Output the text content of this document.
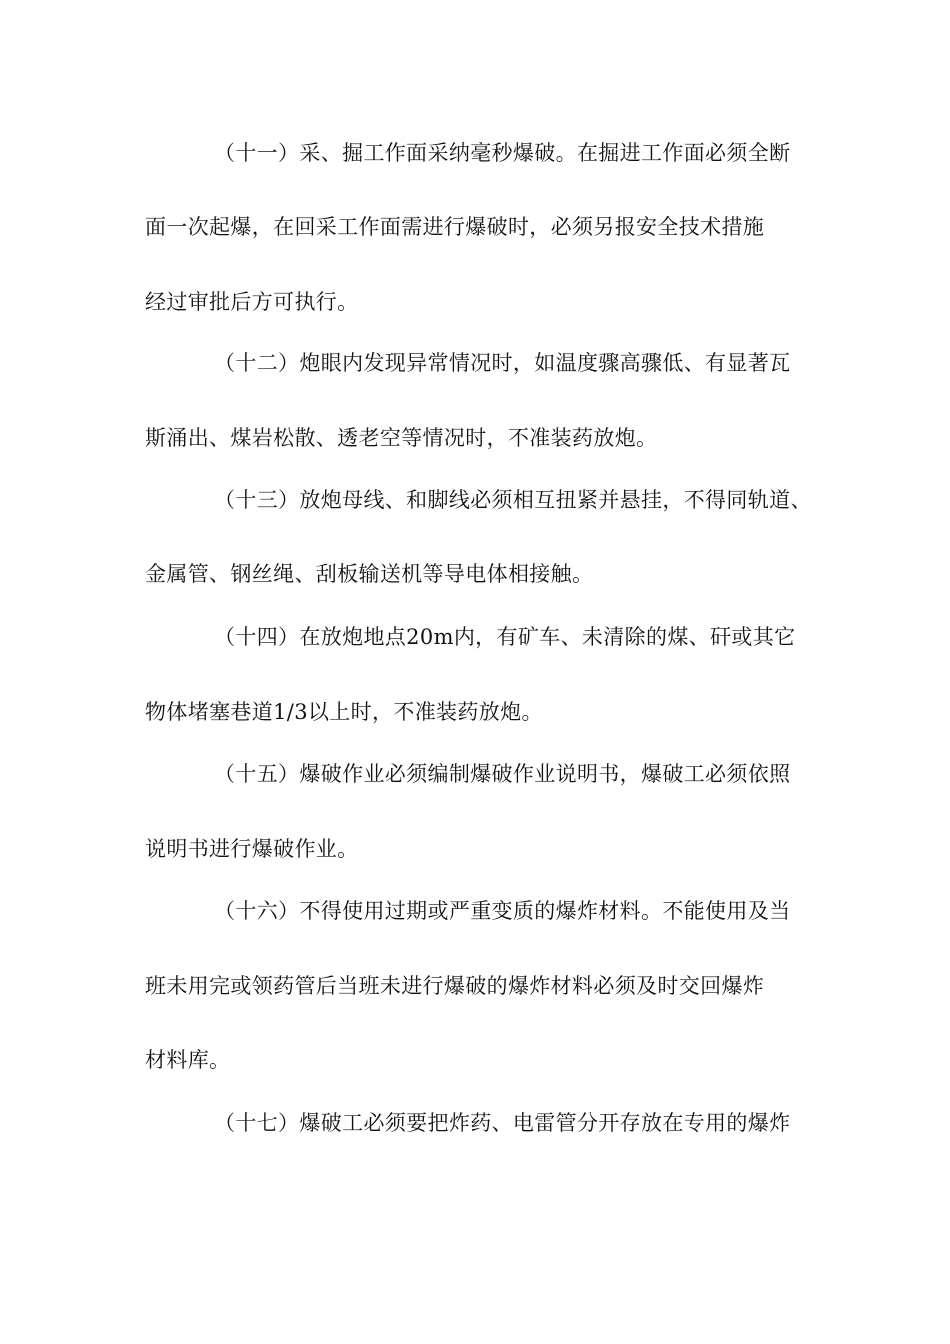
（十一）采、掘工作面采纳毫秒爆破。在掘进工作面必须全断
面一次起爆，在回采工作面需进行爆破时，必须另报安全技术措施
经过审批后方可执行。
（十二）炮眼内发现异常情况时，如温度骤高骤低、有显著瓦
斯涌出、煤岩松散、透老空等情况时，不准装药放炮。
（十三）放炮母线、和脚线必须相互扭紧并悬挂，不得同轨道、
金属管、钢丝绳、刮板输送机等导电体相接触。
（十四）在放炮地点20m内，有矿车、未清除的煤、矸或其它
物体堵塞巷道1/3以上时，不准装药放炮。
（十五）爆破作业必须编制爆破作业说明书，爆破工必须依照
说明书进行爆破作业。
（十六）不得使用过期或严重变质的爆炸材料。不能使用及当
班未用完或领药管后当班未进行爆破的爆炸材料必须及时交回爆炸
材料库。
（十七）爆破工必须要把炸药、电雷管分开存放在专用的爆炸
